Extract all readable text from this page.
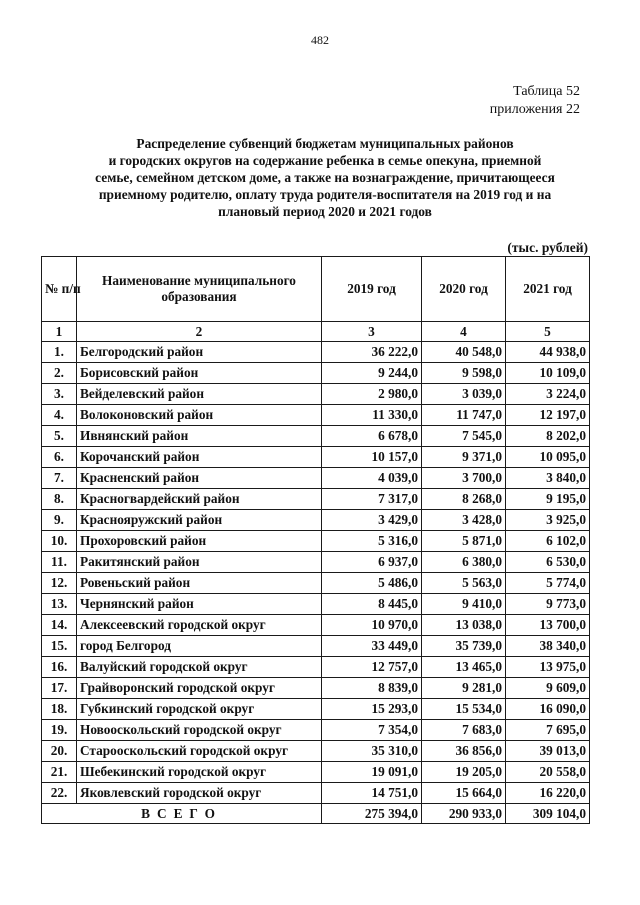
482
Таблица 52
приложения 22
Распределение субвенций бюджетам муниципальных районов
и городских округов на содержание ребенка в семье опекуна, приемной
семье, семейном детском доме, а также на вознаграждение, причитающееся
приемному родителю, оплату труда родителя-воспитателя на 2019 год и на
плановый период 2020 и 2021 годов
(тыс. рублей)
№ п/п	Наименование муниципального образования	2019 год	2020 год	2021 год
1	2	3	4	5
1.	Белгородский район	36 222,0	40 548,0	44 938,0
2.	Борисовский район	9 244,0	9 598,0	10 109,0
3.	Вейделевский район	2 980,0	3 039,0	3 224,0
4.	Волоконовский район	11 330,0	11 747,0	12 197,0
5.	Ивнянский район	6 678,0	7 545,0	8 202,0
6.	Корочанский район	10 157,0	9 371,0	10 095,0
7.	Красненский район	4 039,0	3 700,0	3 840,0
8.	Красногвардейский район	7 317,0	8 268,0	9 195,0
9.	Краснояружский район	3 429,0	3 428,0	3 925,0
10.	Прохоровский район	5 316,0	5 871,0	6 102,0
11.	Ракитянский район	6 937,0	6 380,0	6 530,0
12.	Ровеньский район	5 486,0	5 563,0	5 774,0
13.	Чернянский район	8 445,0	9 410,0	9 773,0
14.	Алексеевский городской округ	10 970,0	13 038,0	13 700,0
15.	город Белгород	33 449,0	35 739,0	38 340,0
16.	Валуйский городской округ	12 757,0	13 465,0	13 975,0
17.	Грайворонский городской округ	8 839,0	9 281,0	9 609,0
18.	Губкинский городской округ	15 293,0	15 534,0	16 090,0
19.	Новооскольский городской округ	7 354,0	7 683,0	7 695,0
20.	Старооскольский городской округ	35 310,0	36 856,0	39 013,0
21.	Шебекинский городской округ	19 091,0	19 205,0	20 558,0
22.	Яковлевский городской округ	14 751,0	15 664,0	16 220,0
ВСЕГО		275 394,0	290 933,0	309 104,0
